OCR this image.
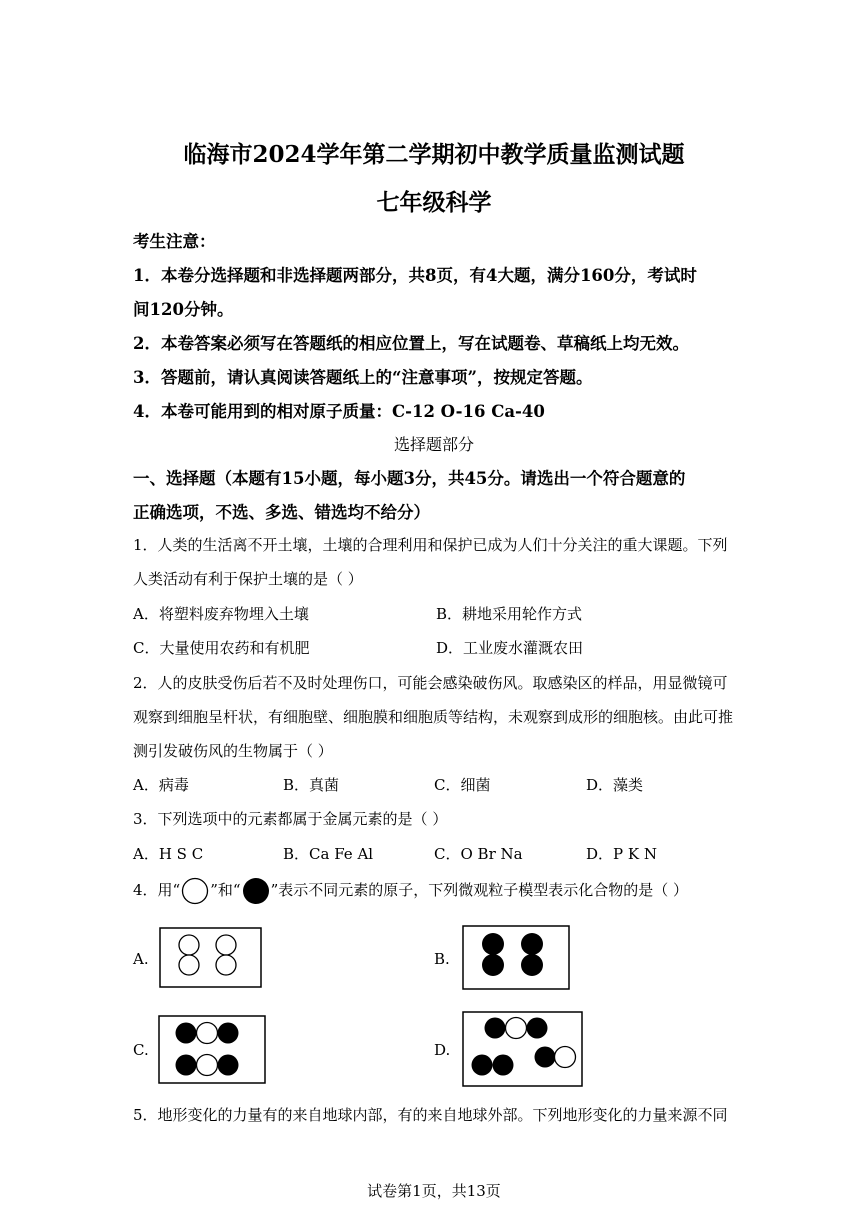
临海市2024学年第二学期初中教学质量监测试题
七年级科学
考生注意：
1．本卷分选择题和非选择题两部分，共8页，有4大题，满分160分，考试时
间120分钟。
2．本卷答案必须写在答题纸的相应位置上，写在试题卷、草稿纸上均无效。
3．答题前，请认真阅读答题纸上的“注意事项”，按规定答题。
4．本卷可能用到的相对原子质量：C-12 O-16 Ca-40
选择题部分
一、选择题（本题有15小题，每小题3分，共45分。请选出一个符合题意的
正确选项，不选、多选、错选均不给分）
1．人类的生活离不开土壤，土壤的合理利用和保护已成为人们十分关注的重大课题。下列
人类活动有利于保护土壤的是（ ）
A．将塑料废弃物埋入土壤	B．耕地采用轮作方式
C．大量使用农药和有机肥	D．工业废水灌溉农田
2．人的皮肤受伤后若不及时处理伤口，可能会感染破伤风。取感染区的样品，用显微镜可
观察到细胞呈杆状，有细胞壁、细胞膜和细胞质等结构，未观察到成形的细胞核。由此可推
测引发破伤风的生物属于（ ）
A．病毒	B．真菌	C．细菌	D．藻类
3．下列选项中的元素都属于金属元素的是（ ）
A．H S C	B．Ca Fe Al	C．O Br Na	D．P K N
4．用“ ”和“ ”表示不同元素的原子，下列微观粒子模型表示化合物的是（ ）
A.	B.
C.	D.
5．地形变化的力量有的来自地球内部，有的来自地球外部。下列地形变化的力量来源不同
试卷第1页，共13页
